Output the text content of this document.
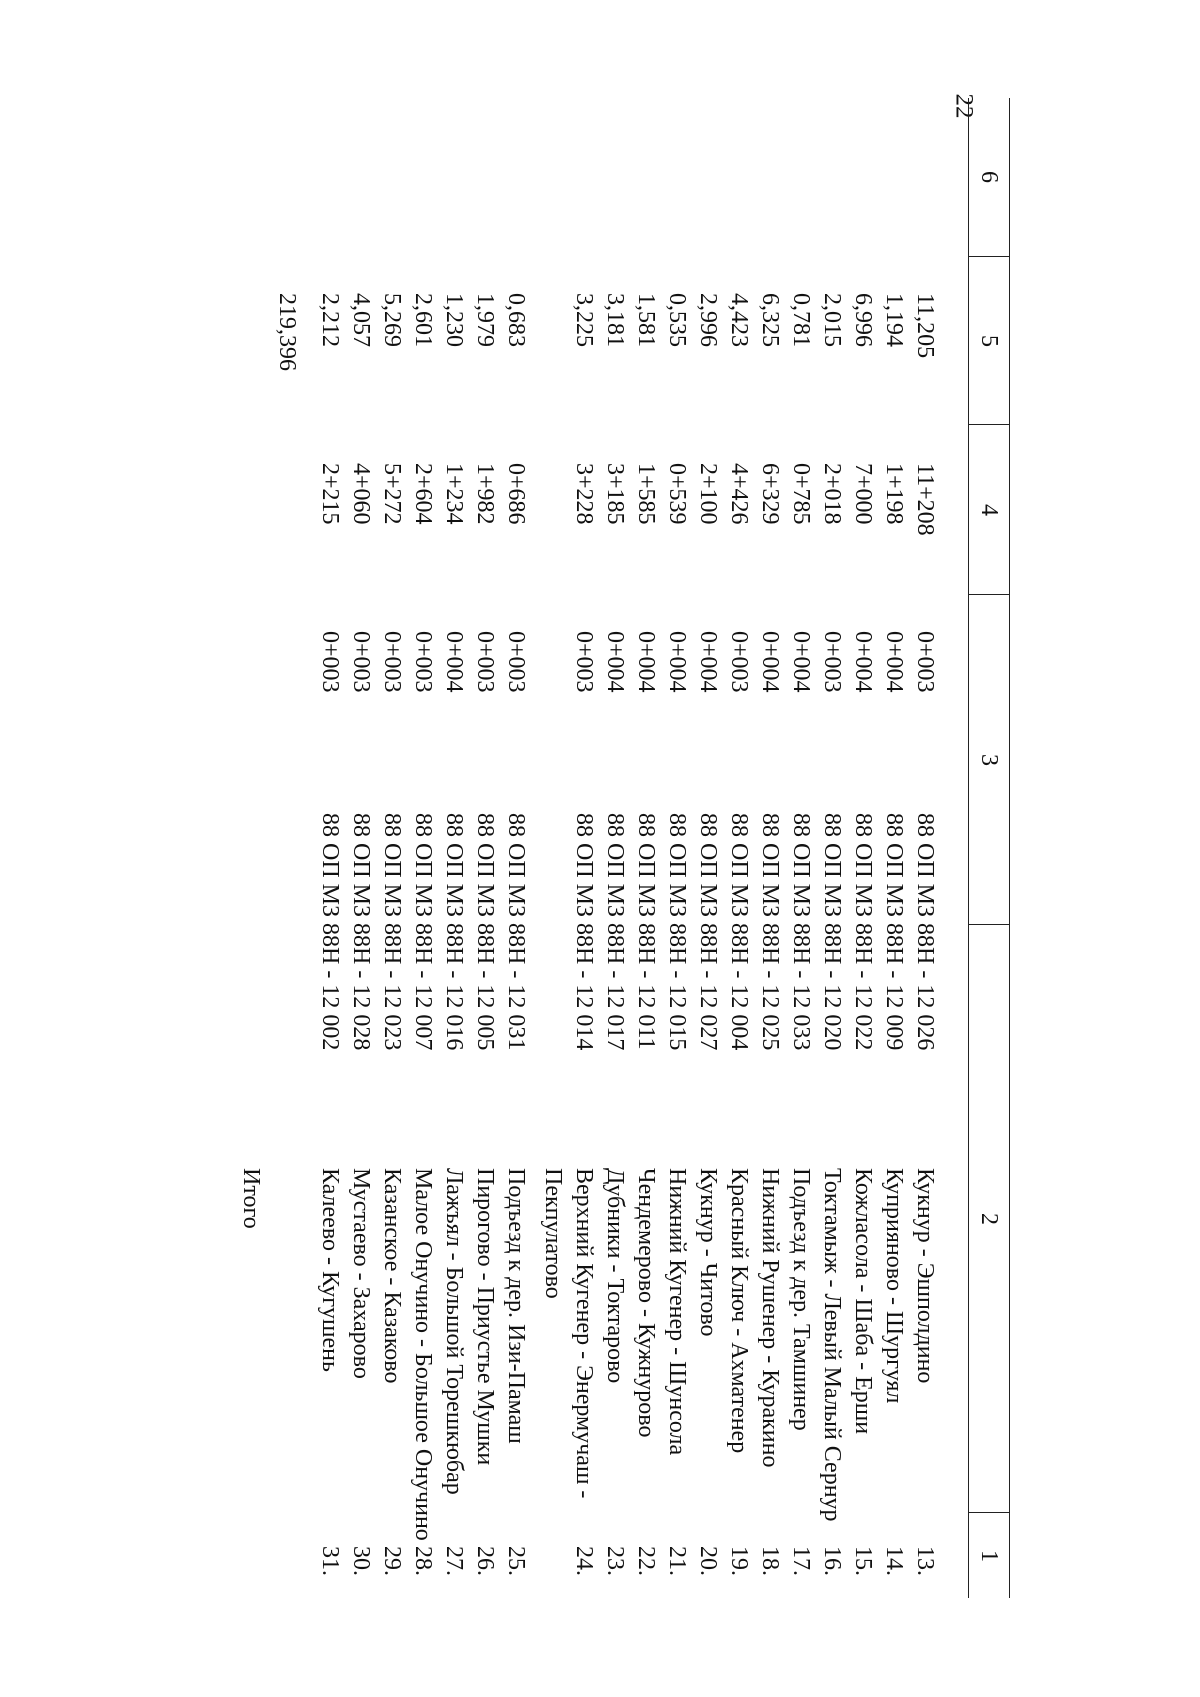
22
6
5
4
3
2
1
13.
Кукнур - Эшполдино
88 ОП МЗ 88Н - 12 026
0+003
11+208
11,205
14.
Куприяново - Шургуял
88 ОП МЗ 88Н - 12 009
0+004
1+198
1,194
15.
Кожласола - Шаба - Ерши
88 ОП МЗ 88Н - 12 022
0+004
7+000
6,996
16.
Токтамыж - Левый Малый Сернур
88 ОП МЗ 88Н - 12 020
0+003
2+018
2,015
17.
Подъезд к дер. Тамшинер
88 ОП МЗ 88Н - 12 033
0+004
0+785
0,781
18.
Нижний Рушенер - Куракино
88 ОП МЗ 88Н - 12 025
0+004
6+329
6,325
19.
Красный Ключ - Ахматенер
88 ОП МЗ 88Н - 12 004
0+003
4+426
4,423
20.
Кукнур - Читово
88 ОП МЗ 88Н - 12 027
0+004
2+100
2,996
21.
Нижний Кугенер - Шунсола
88 ОП МЗ 88Н - 12 015
0+004
0+539
0,535
22.
Чендемерово - Кужнурово
88 ОП МЗ 88Н - 12 011
0+004
1+585
1,581
23.
Дубники - Токтарово
88 ОП МЗ 88Н - 12 017
0+004
3+185
3,181
24.
Верхний Кугенер - Энермучаш -
88 ОП МЗ 88Н - 12 014
0+003
3+228
3,225
Пекпулатово
25.
Подъезд к дер. Изи-Памаш
88 ОП МЗ 88Н - 12 031
0+003
0+686
0,683
26.
Пирогово - Приустье Мушки
88 ОП МЗ 88Н - 12 005
0+003
1+982
1,979
27.
Лажъял - Большой Торешкюбар
88 ОП МЗ 88Н - 12 016
0+004
1+234
1,230
28.
Малое Онучино - Большое Онучино
88 ОП МЗ 88Н - 12 007
0+003
2+604
2,601
29.
Казанское - Казаково
88 ОП МЗ 88Н - 12 023
0+003
5+272
5,269
30.
Мустаево - Захарово
88 ОП МЗ 88Н - 12 028
0+003
4+060
4,057
31.
Калеево - Кугушень
88 ОП МЗ 88Н - 12 002
0+003
2+215
2,212
Итого
219,396
